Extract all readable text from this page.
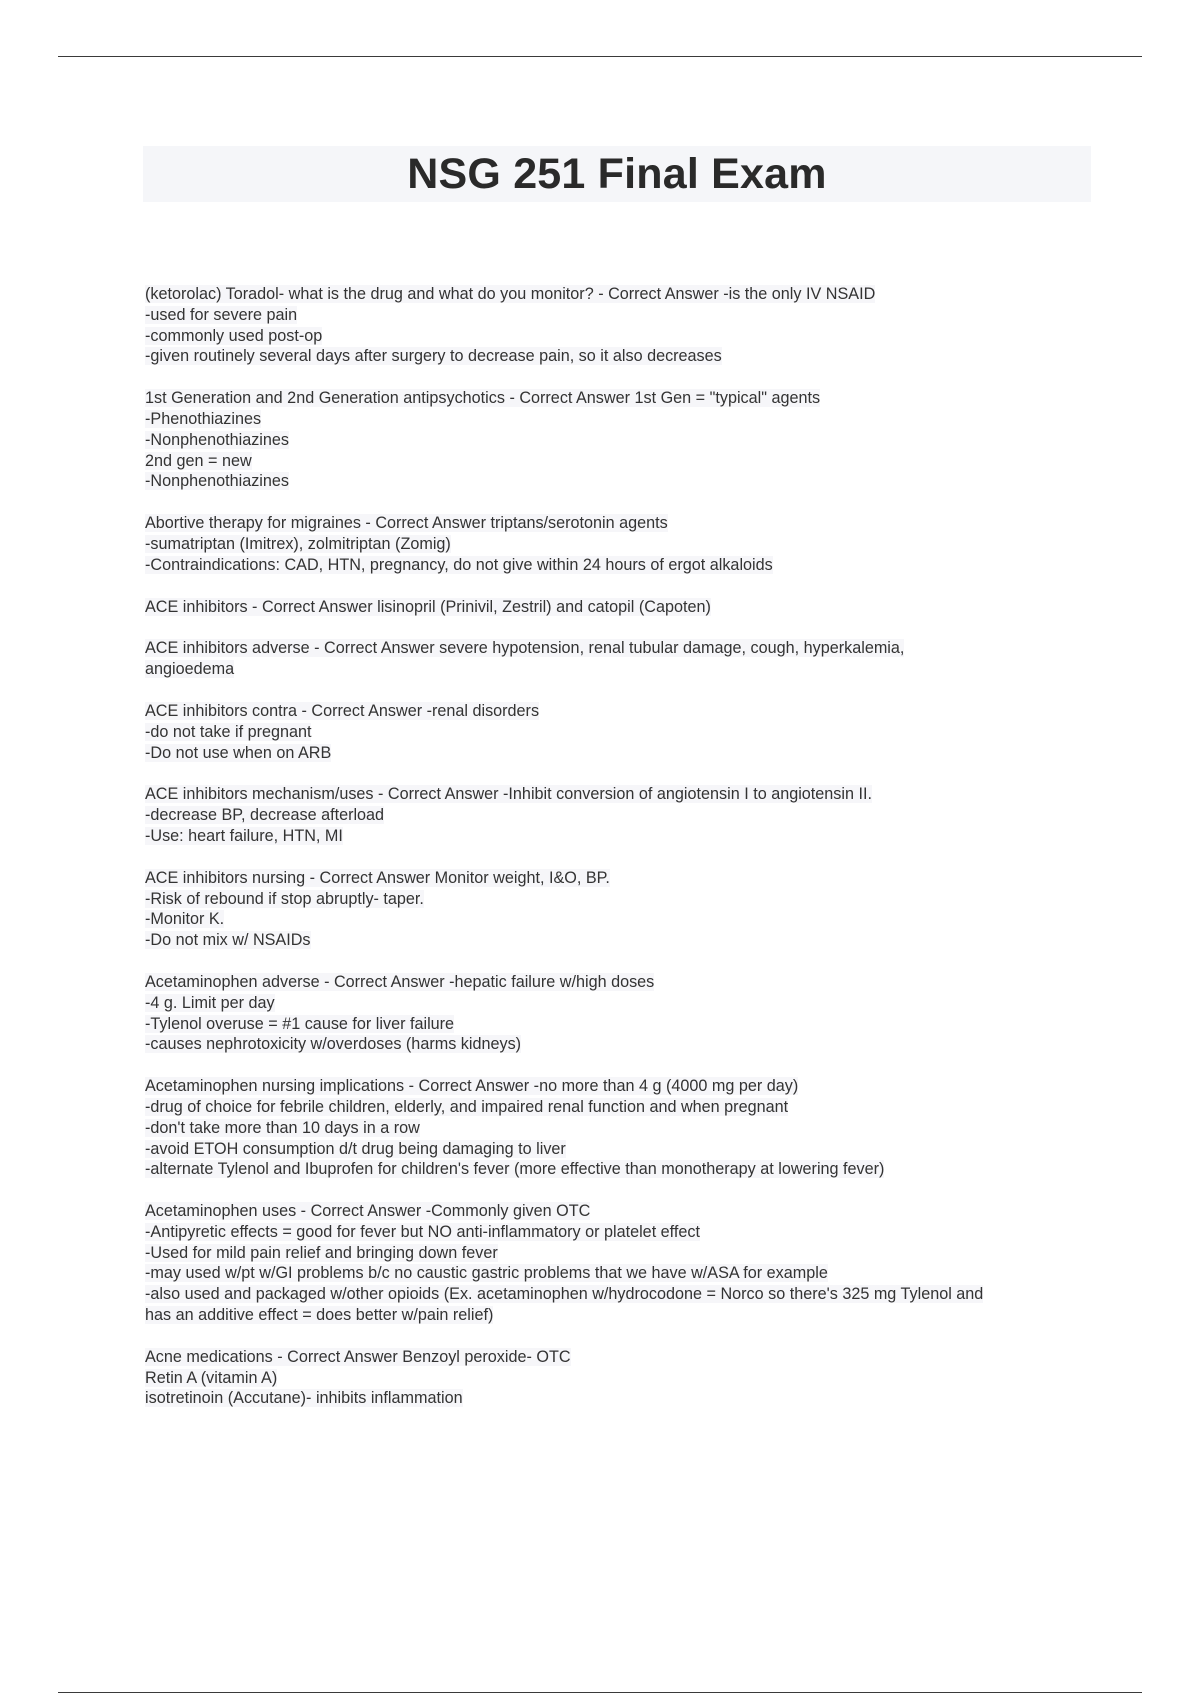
NSG 251 Final Exam
(ketorolac) Toradol- what is the drug and what do you monitor? - Correct Answer -is the only IV NSAID
-used for severe pain
-commonly used post-op
-given routinely several days after surgery to decrease pain, so it also decreases
1st Generation and 2nd Generation antipsychotics - Correct Answer 1st Gen = "typical" agents
-Phenothiazines
-Nonphenothiazines
2nd gen = new
-Nonphenothiazines
Abortive therapy for migraines - Correct Answer triptans/serotonin agents
-sumatriptan (Imitrex), zolmitriptan (Zomig)
-Contraindications: CAD, HTN, pregnancy, do not give within 24 hours of ergot alkaloids
ACE inhibitors - Correct Answer lisinopril (Prinivil, Zestril) and catopil (Capoten)
ACE inhibitors adverse - Correct Answer severe hypotension, renal tubular damage, cough, hyperkalemia,
angioedema
ACE inhibitors contra - Correct Answer -renal disorders
-do not take if pregnant
-Do not use when on ARB
ACE inhibitors mechanism/uses - Correct Answer -Inhibit conversion of angiotensin I to angiotensin II.
-decrease BP, decrease afterload
-Use: heart failure, HTN, MI
ACE inhibitors nursing - Correct Answer Monitor weight, I&O, BP.
-Risk of rebound if stop abruptly- taper.
-Monitor K.
-Do not mix w/ NSAIDs
Acetaminophen adverse - Correct Answer -hepatic failure w/high doses
-4 g. Limit per day
-Tylenol overuse = #1 cause for liver failure
-causes nephrotoxicity w/overdoses (harms kidneys)
Acetaminophen nursing implications - Correct Answer -no more than 4 g (4000 mg per day)
-drug of choice for febrile children, elderly, and impaired renal function and when pregnant
-don't take more than 10 days in a row
-avoid ETOH consumption d/t drug being damaging to liver
-alternate Tylenol and Ibuprofen for children's fever (more effective than monotherapy at lowering fever)
Acetaminophen uses - Correct Answer -Commonly given OTC
-Antipyretic effects = good for fever but NO anti-inflammatory or platelet effect
-Used for mild pain relief and bringing down fever
-may used w/pt w/GI problems b/c no caustic gastric problems that we have w/ASA for example
-also used and packaged w/other opioids (Ex. acetaminophen w/hydrocodone = Norco so there's 325 mg Tylenol and
has an additive effect = does better w/pain relief)
Acne medications - Correct Answer Benzoyl peroxide- OTC
Retin A (vitamin A)
isotretinoin (Accutane)- inhibits inflammation
